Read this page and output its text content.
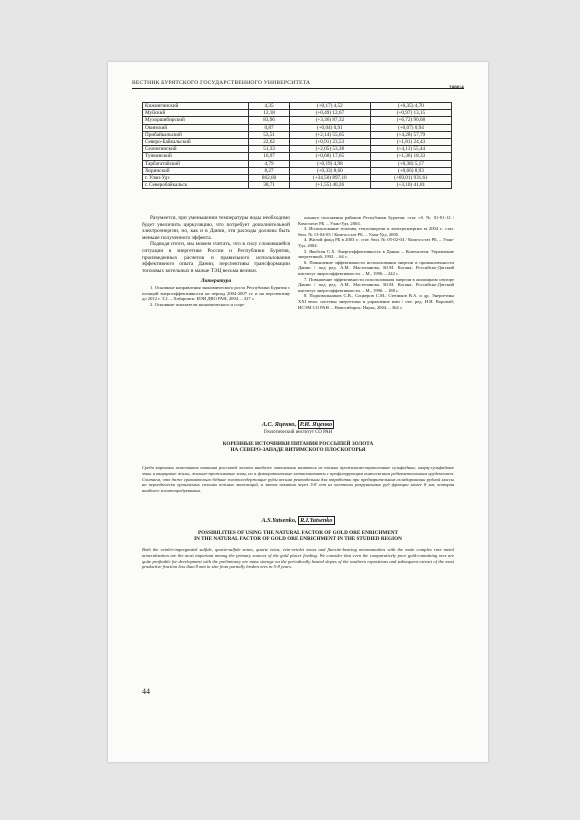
ВЕСТНИК БУРЯТСКОГО ГОСУДАРСТВЕННОГО УНИВЕРСИТЕТА
2008/4
Кижингинский	4,35	(+0,17) 4,52	(+0,35) 4,70
Муйский	12,18	(+0,49) 12,67	(+0,97) 13,15
Мухоршибирский	83,96	(+3,36) 87,32	(+6,72) 90,68
Окинский	0,87	(+0,04) 0,91	(+0,07) 0,94
Прибайкальский	53,51	(+2,14) 55,65	(+4,28) 57,79
Северо-Байкальский	22,62	(+0,91) 23,53	(+1,81) 24,43
Селенгинский	51,33	(+2,05) 53,38	(+4,11) 55,44
Тункинский	16,97	(+0,68) 17,65	(+1,36) 18,33
Тарбагатайский	4,79	(+0,19) 4,98	(+0,38) 5,17
Хоринский	8,27	(+0,33) 8,60	(+0,66) 8,93
г. Улан-Удэ	862,60	(+34,50) 897,10	(+69,01) 931,61
г. Северобайкальск	38,71	(+1,55) 40,26	(+3,10) 41,81

Разумеется, при уменьшении температуры воды необходимо будет увеличить циркуляцию, что потребует дополнительной электроэнергии, но, как и в Дании, эти расходы должны быть меньше полученного эффекта.

Подводя итоги, мы можем считать, что в силу сложившейся ситуации в энергетике России и Республики Бурятия, произведенных расчетов и правильного использования эффективного опыта Дании, перспективы трансформации топловых котельных в малые ТЭЦ весьма велики.

Литература

1. Основные направления экономического роста Республики Бурятия с позиций энергоэффективности на период 2004-2007 гг. и на перспективу до 2012 г. Т.2. – Хабаровск: ИЭИ ДВО РАН, 2004. – 327 с.

2. Основные показатели экономического и соци-

ального положения районов Республики Бурятия: стат. сб. № 01-01-12 / Комстатат РБ. – Улан-Удэ, 2004.

3. Использование топлива, теплоэнергии и электроэнергии за 2004 г.: стат. бюл. № 13-04-05 / Комгосстат РБ. – Улан-Удэ, 2005.

4. Жилой фонд РБ в 2003 г.: стат. бюл. № 05-02-04 / Комгосстат РБ. – Улан-Удэ, 2004.

5. Якобсен С.Х. Энергоэффективность в Дании. – Копенгаген: Управление энергетикой, 1992. – 64 с.

6. Повышение эффективности использования энергии в промышленности Дании / под ред. А.М. Мастепанова, Ю.М. Когана; Российско-Датский институт энергоэффективности. – М., 1996. – 242 с.

7. Повышение эффективности использования энергии в жилищном секторе Дании / под ред. А.М. Мастепанова, Ю.М. Когана; Российско-Датский институт энергоэффективности. – М., 1996. – 188 с.

8. Подковальников С.В., Соцкеров С.М., Степиков В.А. и др. Энергетика XXI века: системы энергетики и управление ими / отв. ред. Н.И. Воропай; ИСЭМ СО РАН. – Новосибирск: Наука, 2004. – 364 с.

А.С. Яценко, Р.И. Яценко
Геологический институт СО РАН
КОРЕННЫЕ ИСТОЧНИКИ ПИТАНИЯ РОССЫПЕЙ ЗОЛОТА
НА СЕВЕРО-ЗАПАДЕ ВИТИМСКОГО ПЛОСКОГОРЬЯ
Среди коренных источников питания россыпей золота наиболее значимыми являются не только прожилково-вкрапленные сульфидные, кварц-сульфидные зоны и кварцевые жилы, жильно-прожилковые зоны, но и флюоритоносные метасоматиты с профилирующим комплексным редкометалльным оруденением. Считаем, что даже сравнительно бедные золотосодержащие руды весьма рентабельны для отработки при предварительном складировании рудной массы на периодически орошаемых склонах южных экспозиций, а затем изъятии через 5-8 лет из частично разрушенных руд фракции менее 8 мм, которая наиболее золотопродуктивна.
A.S.Yatsenko, R.I.Yatsenko
POSSIBILITIES OF USING THE NATURAL FACTOR OF GOLD ORE ENRICHMENT
IN THE NATURAL FACTOR OF GOLD ORE ENRICHMENT IN THE STUDIED REGION
Both the veinlet-impregnated sulfide, quartz-sulfide zones, quartz veins, vein-veinlet zones and fluorite-bearing metasomatites with the main complex rare metal mineralization are the most important among the primary sources of the gold placer feeding. We consider that even the comparatively poor gold-containing ores are quite profitable for development with the preliminary ore mass storage on the periodically heated slopes of the southern expositions and subsequent extract of the most productive fraction less than 8 mm in size from partially broken ores in 5-8 years.
44
